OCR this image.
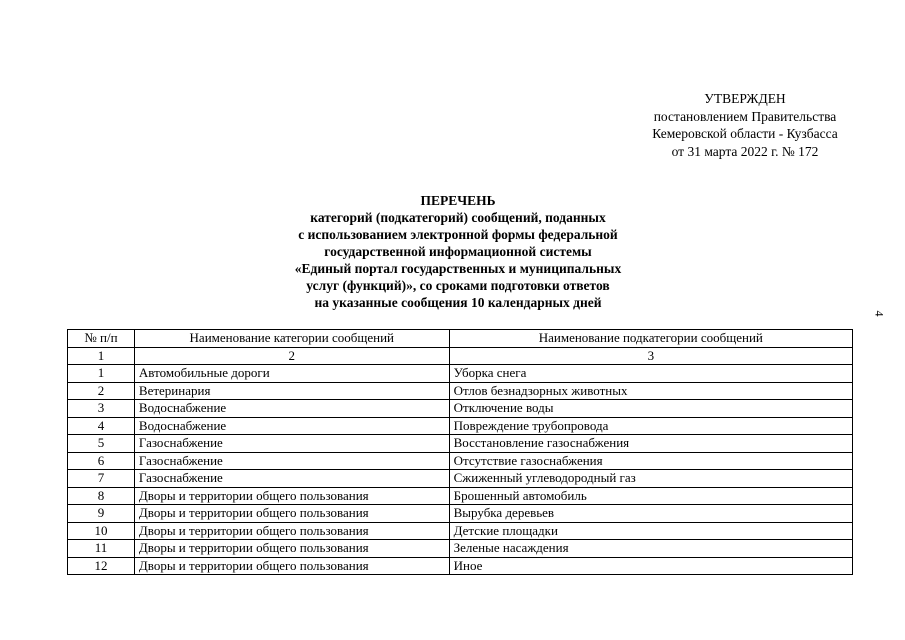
УТВЕРЖДЕН
постановлением Правительства
Кемеровской области - Кузбасса
от 31 марта 2022 г. № 172
ПЕРЕЧЕНЬ
категорий (подкатегорий) сообщений, поданных
с использованием электронной формы федеральной
государственной информационной системы
«Единый портал государственных и муниципальных
услуг (функций)», со сроками подготовки ответов
на указанные сообщения 10 календарных дней
4
№ п/п	Наименование категории сообщений	Наименование подкатегории сообщений
1	2	3
1	Автомобильные дороги	Уборка снега
2	Ветеринария	Отлов безнадзорных животных
3	Водоснабжение	Отключение воды
4	Водоснабжение	Повреждение трубопровода
5	Газоснабжение	Восстановление газоснабжения
6	Газоснабжение	Отсутствие газоснабжения
7	Газоснабжение	Сжиженный углеводородный газ
8	Дворы и территории общего пользования	Брошенный автомобиль
9	Дворы и территории общего пользования	Вырубка деревьев
10	Дворы и территории общего пользования	Детские площадки
11	Дворы и территории общего пользования	Зеленые насаждения
12	Дворы и территории общего пользования	Иное
